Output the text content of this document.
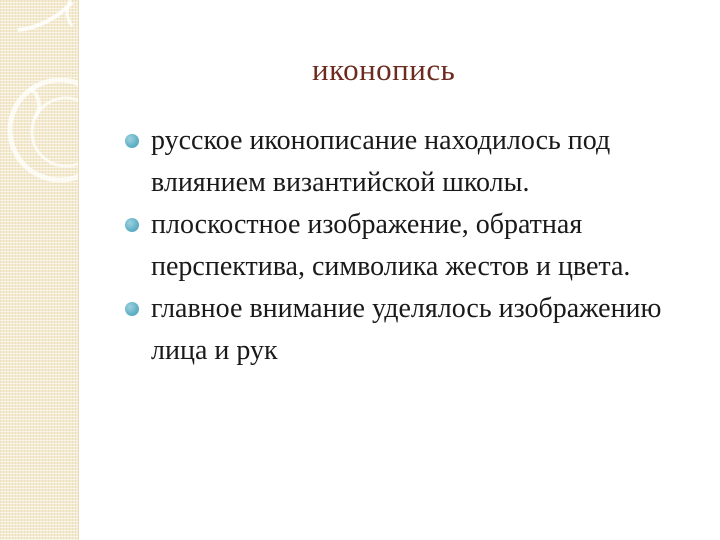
иконопись
русское иконописание находилось под влиянием византийской школы.
плоскостное изображение, обратная перспектива, символика жестов и цвета.
главное внимание уделялось изображению лица и рук
